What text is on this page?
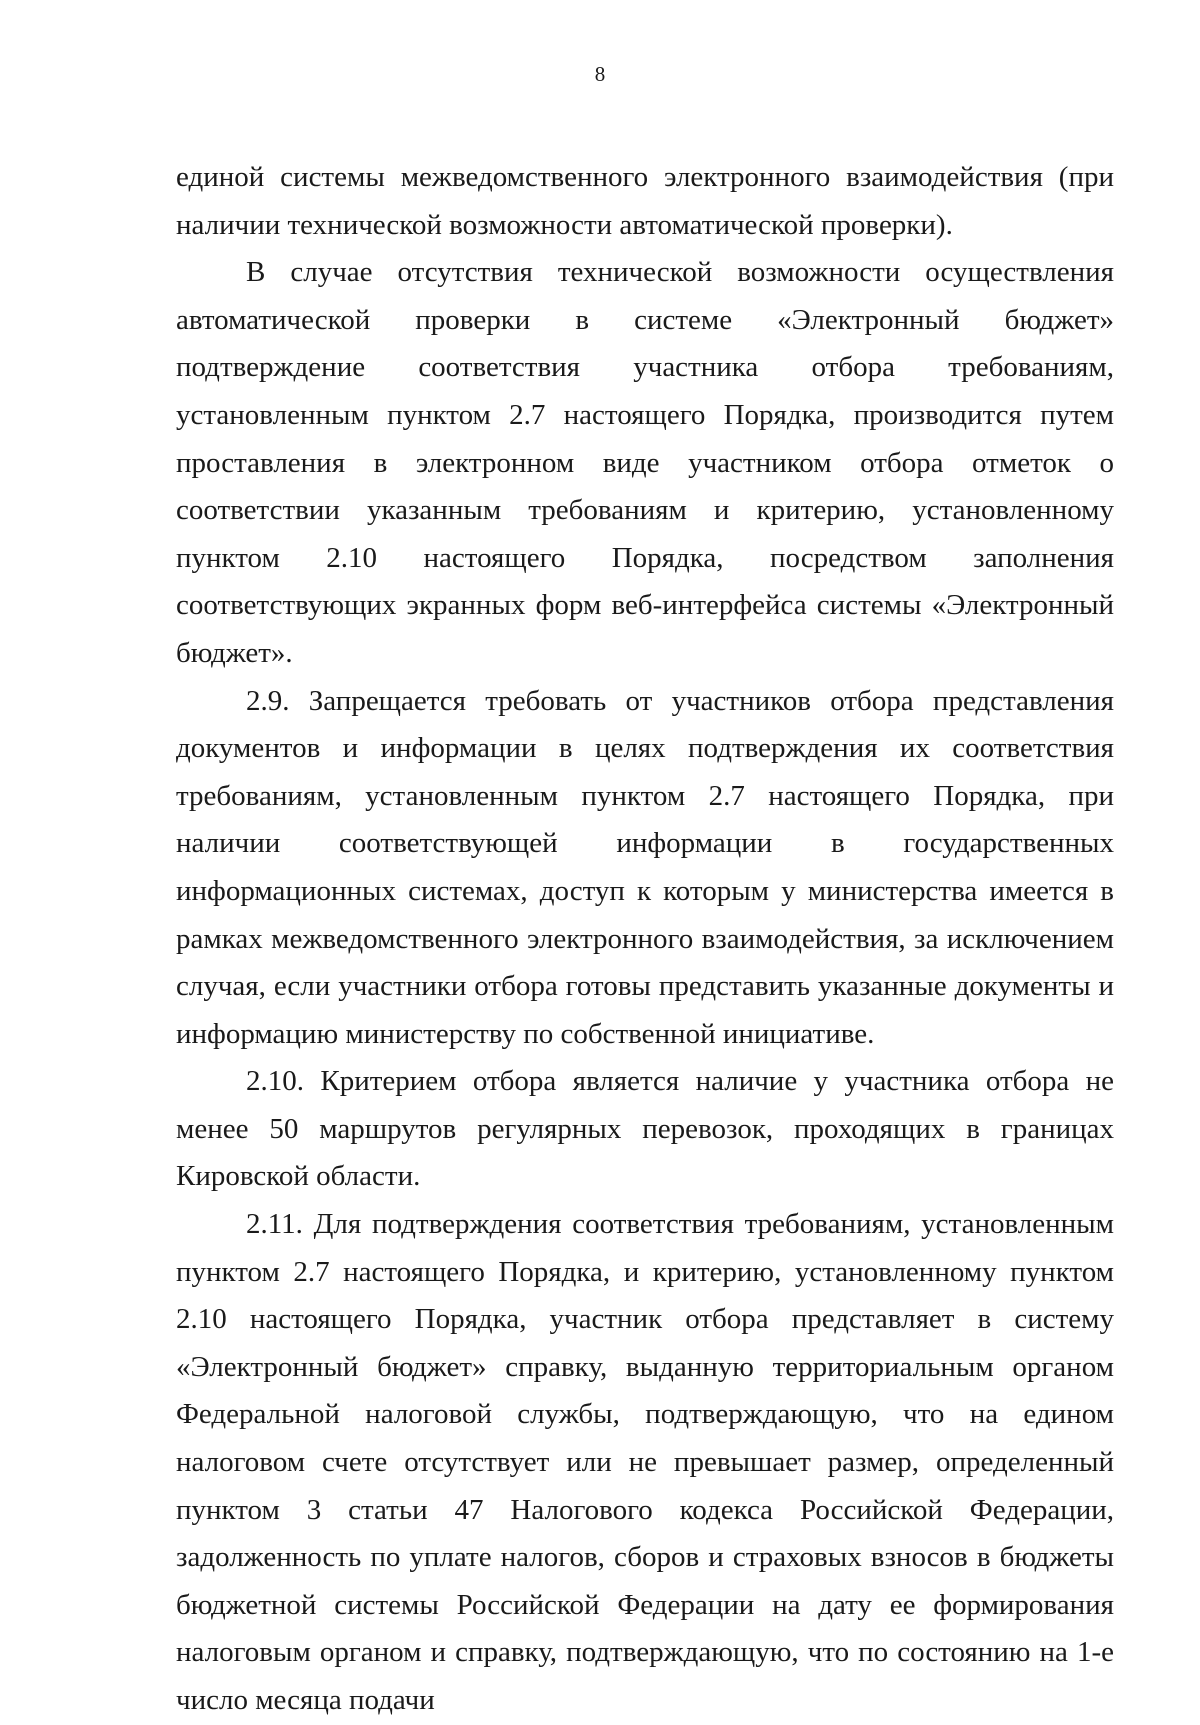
8

единой системы межведомственного электронного взаимодействия (при наличии технической возможности автоматической проверки).

В случае отсутствия технической возможности осуществления автоматической проверки в системе «Электронный бюджет» подтверждение соответствия участника отбора требованиям, установленным пунктом 2.7 настоящего Порядка, производится путем проставления в электронном виде участником отбора отметок о соответствии указанным требованиям и критерию, установленному пунктом 2.10 настоящего Порядка, посредством заполнения соответствующих экранных форм веб-интерфейса системы «Электронный бюджет».

2.9. Запрещается требовать от участников отбора представления документов и информации в целях подтверждения их соответствия требованиям, установленным пунктом 2.7 настоящего Порядка, при наличии соответствующей информации в государственных информационных системах, доступ к которым у министерства имеется в рамках межведомственного электронного взаимодействия, за исключением случая, если участники отбора готовы представить указанные документы и информацию министерству по собственной инициативе.

2.10. Критерием отбора является наличие у участника отбора не менее 50 маршрутов регулярных перевозок, проходящих в границах Кировской области.

2.11. Для подтверждения соответствия требованиям, установленным пунктом 2.7 настоящего Порядка, и критерию, установленному пунктом 2.10 настоящего Порядка, участник отбора представляет в систему «Электронный бюджет» справку, выданную территориальным органом Федеральной налоговой службы, подтверждающую, что на едином налоговом счете отсутствует или не превышает размер, определенный пунктом 3 статьи 47 Налогового кодекса Российской Федерации, задолженность по уплате налогов, сборов и страховых взносов в бюджеты бюджетной системы Российской Федерации на дату ее формирования налоговым органом и справку, подтверждающую, что по состоянию на 1-е число месяца подачи
